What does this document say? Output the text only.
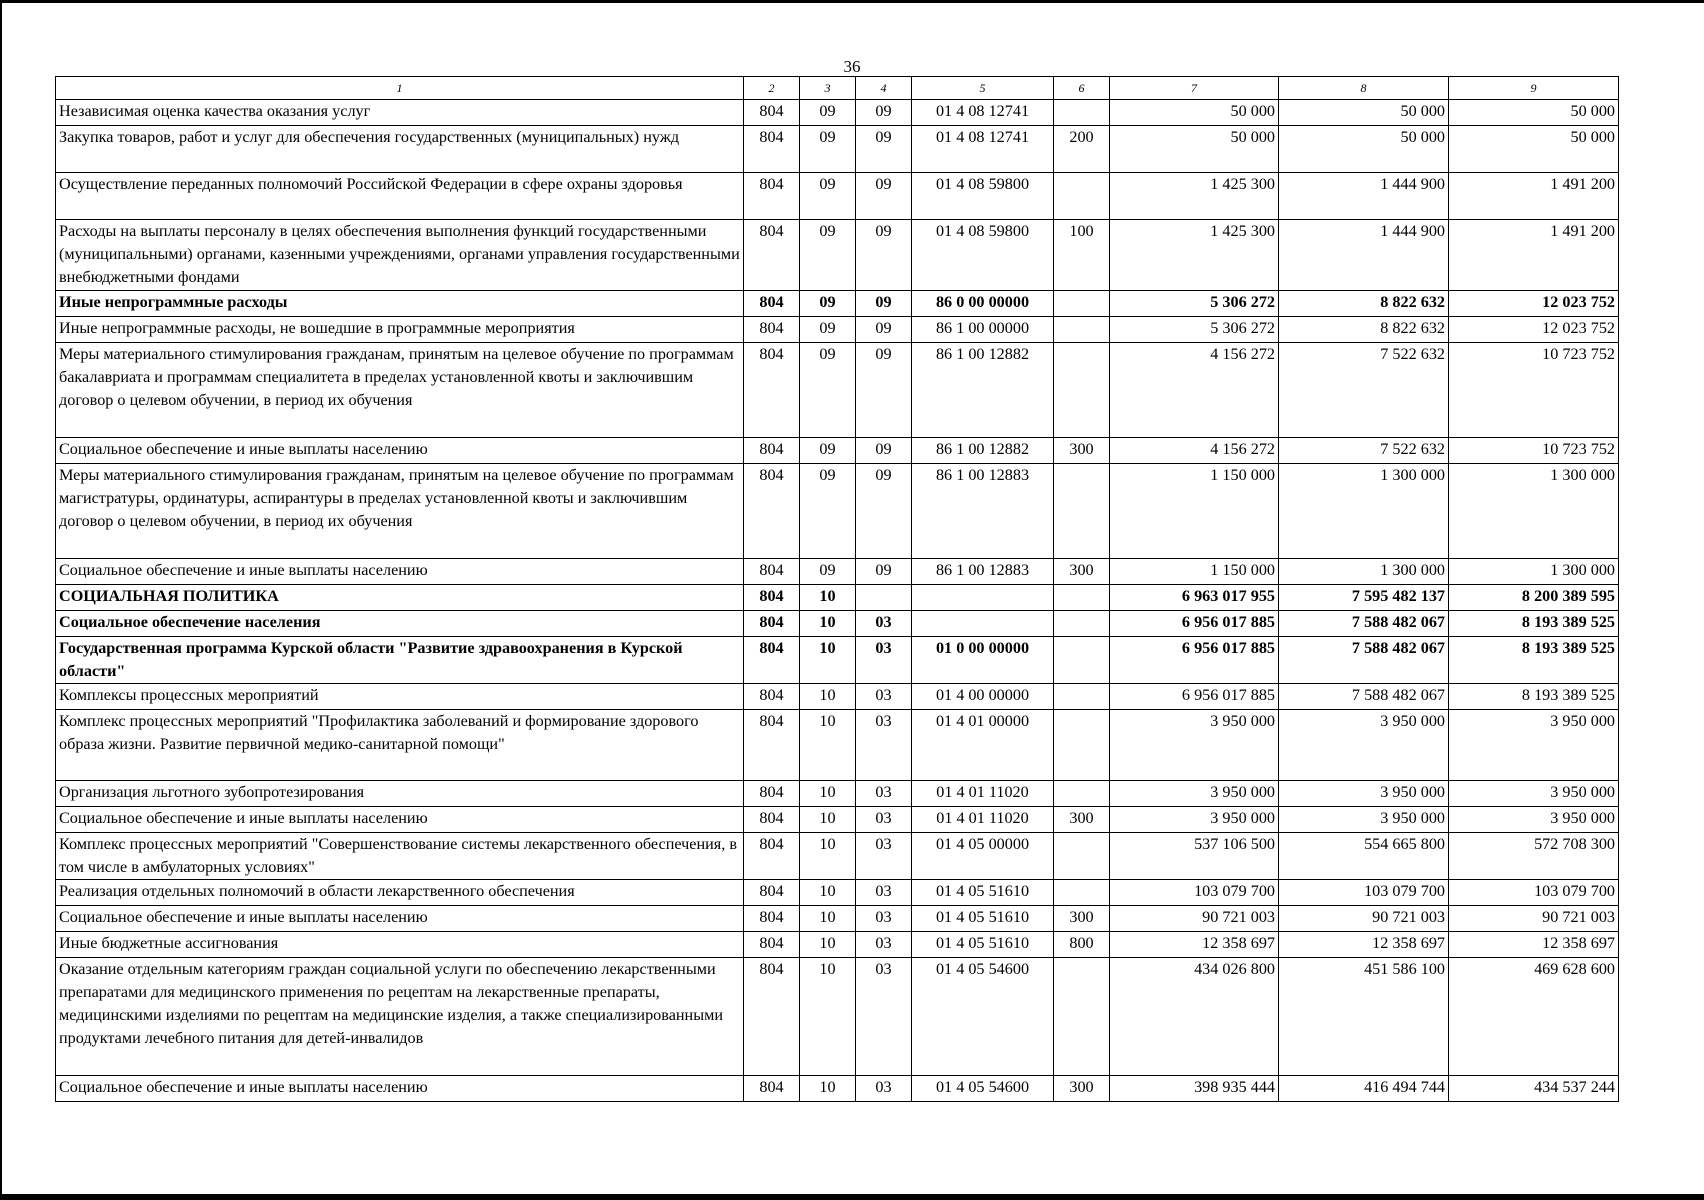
36
1	2	3	4	5	6	7	8	9
Независимая оценка качества оказания услуг	804	09	09	01 4 08 12741		50 000	50 000	50 000
Закупка товаров, работ и услуг для обеспечения государственных (муниципальных) нужд	804	09	09	01 4 08 12741	200	50 000	50 000	50 000
Осуществление переданных полномочий Российской Федерации в сфере охраны здоровья	804	09	09	01 4 08 59800		1 425 300	1 444 900	1 491 200
Расходы на выплаты персоналу в целях обеспечения выполнения функций государственными (муниципальными) органами, казенными учреждениями, органами управления государственными внебюджетными фондами	804	09	09	01 4 08 59800	100	1 425 300	1 444 900	1 491 200
Иные непрограммные расходы	804	09	09	86 0 00 00000		5 306 272	8 822 632	12 023 752
Иные непрограммные расходы, не вошедшие в программные мероприятия	804	09	09	86 1 00 00000		5 306 272	8 822 632	12 023 752
Меры материального стимулирования гражданам, принятым на целевое обучение по программам бакалавриата и программам специалитета в пределах установленной квоты и заключившим договор о целевом обучении, в период их обучения	804	09	09	86 1 00 12882		4 156 272	7 522 632	10 723 752
Социальное обеспечение и иные выплаты населению	804	09	09	86 1 00 12882	300	4 156 272	7 522 632	10 723 752
Меры материального стимулирования гражданам, принятым на целевое обучение по программам магистратуры, ординатуры, аспирантуры в пределах установленной квоты и заключившим договор о целевом обучении, в период их обучения	804	09	09	86 1 00 12883		1 150 000	1 300 000	1 300 000
Социальное обеспечение и иные выплаты населению	804	09	09	86 1 00 12883	300	1 150 000	1 300 000	1 300 000
СОЦИАЛЬНАЯ ПОЛИТИКА	804	10				6 963 017 955	7 595 482 137	8 200 389 595
Социальное обеспечение населения	804	10	03			6 956 017 885	7 588 482 067	8 193 389 525
Государственная программа Курской области "Развитие здравоохранения в Курской области"	804	10	03	01 0 00 00000		6 956 017 885	7 588 482 067	8 193 389 525
Комплексы процессных мероприятий	804	10	03	01 4 00 00000		6 956 017 885	7 588 482 067	8 193 389 525
Комплекс процессных мероприятий "Профилактика заболеваний и формирование здорового образа жизни. Развитие первичной медико-санитарной помощи"	804	10	03	01 4 01 00000		3 950 000	3 950 000	3 950 000
Организация льготного зубопротезирования	804	10	03	01 4 01 11020		3 950 000	3 950 000	3 950 000
Социальное обеспечение и иные выплаты населению	804	10	03	01 4 01 11020	300	3 950 000	3 950 000	3 950 000
Комплекс процессных мероприятий "Совершенствование системы лекарственного обеспечения, в том числе в амбулаторных условиях"	804	10	03	01 4 05 00000		537 106 500	554 665 800	572 708 300
Реализация отдельных полномочий в области лекарственного обеспечения	804	10	03	01 4 05 51610		103 079 700	103 079 700	103 079 700
Социальное обеспечение и иные выплаты населению	804	10	03	01 4 05 51610	300	90 721 003	90 721 003	90 721 003
Иные бюджетные ассигнования	804	10	03	01 4 05 51610	800	12 358 697	12 358 697	12 358 697
Оказание отдельным категориям граждан социальной услуги по обеспечению лекарственными препаратами для медицинского применения по рецептам на лекарственные препараты, медицинскими изделиями по рецептам на медицинские изделия, а также специализированными продуктами лечебного питания для детей-инвалидов	804	10	03	01 4 05 54600		434 026 800	451 586 100	469 628 600
Социальное обеспечение и иные выплаты населению	804	10	03	01 4 05 54600	300	398 935 444	416 494 744	434 537 244
